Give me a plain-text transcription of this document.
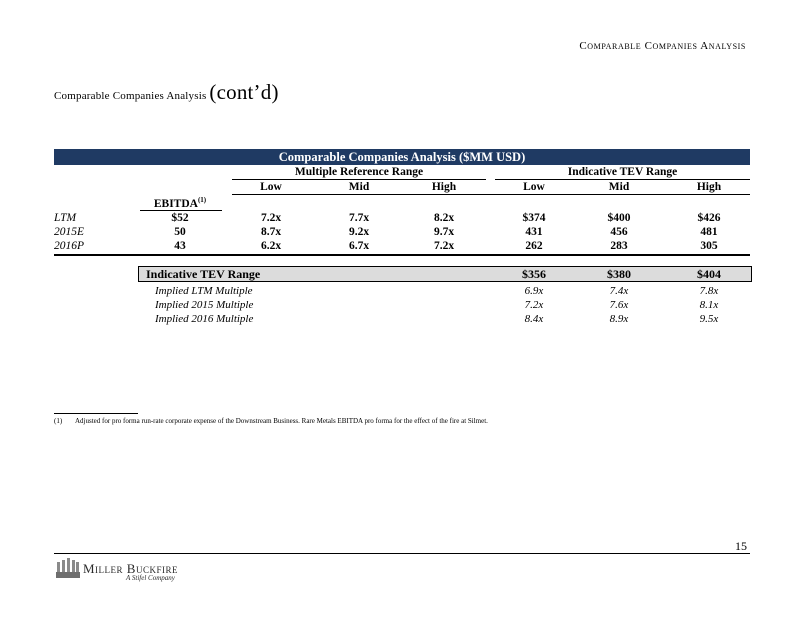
Comparable Companies Analysis
Comparable Companies Analysis (cont’d)
Comparable Companies Analysis ($MM USD)
Multiple Reference Range	Indicative TEV Range
Low	Mid	High	Low	Mid	High
EBITDA$^{(1)}$
LTM	$52	7.2x	7.7x	8.2x	$374	$400	$426
2015E	50	8.7x	9.2x	9.7x	431	456	481
2016P	43	6.2x	6.7x	7.2x	262	283	305
Indicative TEV Range	$356	$380	$404
Implied LTM Multiple	6.9x	7.4x	7.8x
Implied 2015 Multiple	7.2x	7.6x	8.1x
Implied 2016 Multiple	8.4x	8.9x	9.5x
(1) Adjusted for pro forma run-rate corporate expense of the Downstream Business. Rare Metals EBITDA pro forma for the effect of the fire at Silmet.
15
Miller Buckfire
A Stifel Company
